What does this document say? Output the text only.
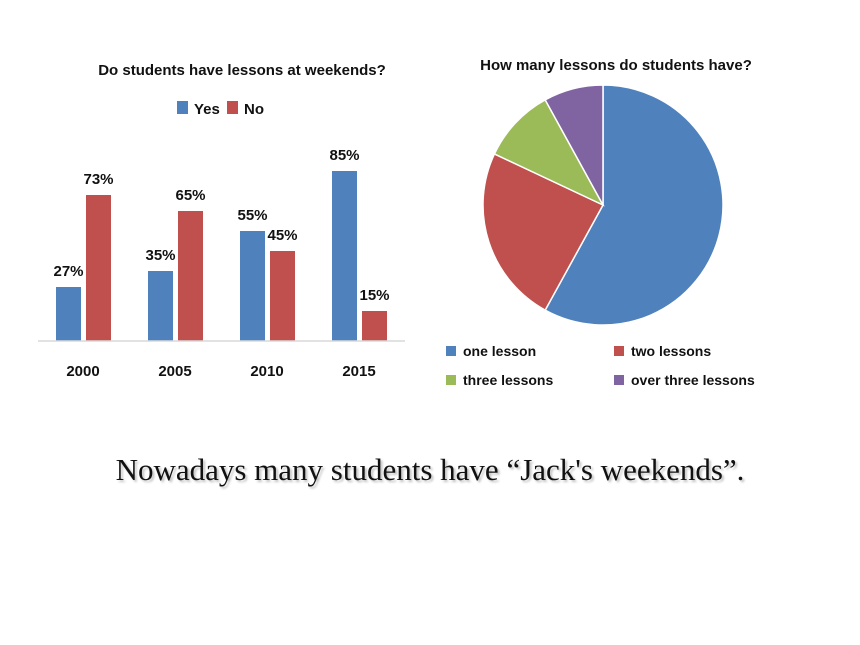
Do students have lessons at weekends?
Yes No
27%
73%
2000
35%
65%
2005
55%
45%
2010
85%
15%
2015
How many lessons do students have?
one lesson	two lessons
three lessons	over three lessons
Nowadays many students have “Jack's weekends”.
